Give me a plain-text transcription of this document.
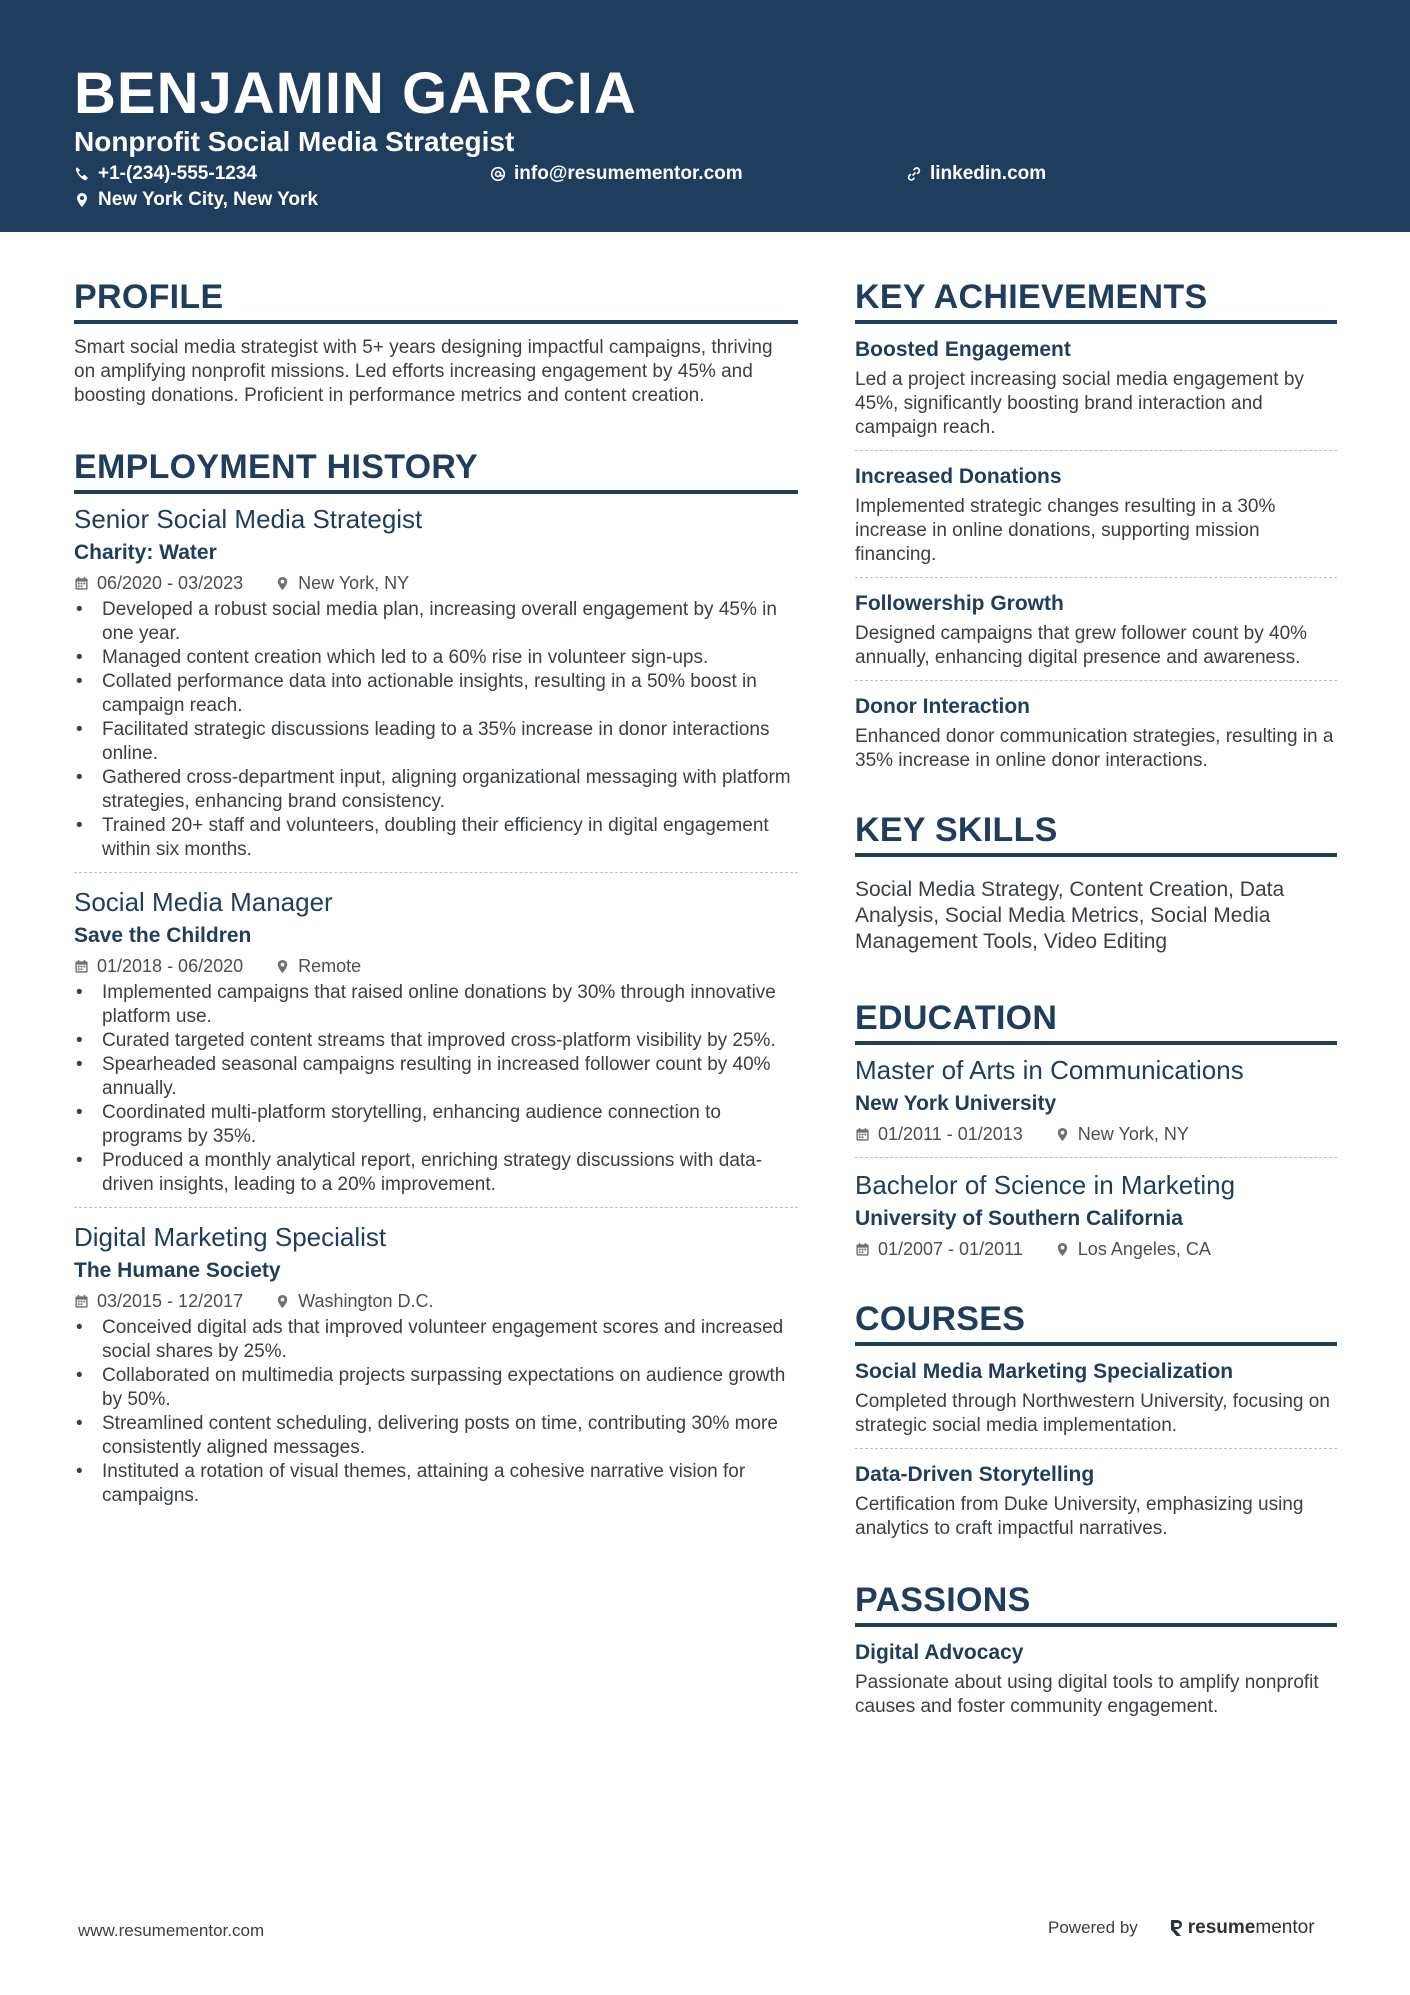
BENJAMIN GARCIA
Nonprofit Social Media Strategist
+1-(234)-555-1234	info@resumementor.com	linkedin.com
New York City, New York
PROFILE

Smart social media strategist with 5+ years designing impactful campaigns, thriving on amplifying nonprofit missions. Led efforts increasing engagement by 45% and boosting donations. Proficient in performance metrics and content creation.

EMPLOYMENT HISTORY
Senior Social Media Strategist
Charity: Water
06/2020 - 03/2023	New York, NY
• Developed a robust social media plan, increasing overall engagement by 45% in one year.
• Managed content creation which led to a 60% rise in volunteer sign-ups.
• Collated performance data into actionable insights, resulting in a 50% boost in campaign reach.
• Facilitated strategic discussions leading to a 35% increase in donor interactions online.
• Gathered cross-department input, aligning organizational messaging with platform strategies, enhancing brand consistency.
• Trained 20+ staff and volunteers, doubling their efficiency in digital engagement within six months.
Social Media Manager
Save the Children
01/2018 - 06/2020	Remote
• Implemented campaigns that raised online donations by 30% through innovative platform use.
• Curated targeted content streams that improved cross-platform visibility by 25%.
• Spearheaded seasonal campaigns resulting in increased follower count by 40% annually.
• Coordinated multi-platform storytelling, enhancing audience connection to programs by 35%.
• Produced a monthly analytical report, enriching strategy discussions with data-driven insights, leading to a 20% improvement.
Digital Marketing Specialist
The Humane Society
03/2015 - 12/2017	Washington D.C.
• Conceived digital ads that improved volunteer engagement scores and increased social shares by 25%.
• Collaborated on multimedia projects surpassing expectations on audience growth by 50%.
• Streamlined content scheduling, delivering posts on time, contributing 30% more consistently aligned messages.
• Instituted a rotation of visual themes, attaining a cohesive narrative vision for campaigns.
KEY ACHIEVEMENTS
Boosted Engagement

Led a project increasing social media engagement by 45%, significantly boosting brand interaction and campaign reach.

Increased Donations

Implemented strategic changes resulting in a 30% increase in online donations, supporting mission financing.

Followership Growth

Designed campaigns that grew follower count by 40% annually, enhancing digital presence and awareness.

Donor Interaction

Enhanced donor communication strategies, resulting in a 35% increase in online donor interactions.

KEY SKILLS

Social Media Strategy, Content Creation, Data Analysis, Social Media Metrics, Social Media Management Tools, Video Editing

EDUCATION
Master of Arts in Communications
New York University
01/2011 - 01/2013	New York, NY
Bachelor of Science in Marketing
University of Southern California
01/2007 - 01/2011	Los Angeles, CA
COURSES
Social Media Marketing Specialization

Completed through Northwestern University, focusing on strategic social media implementation.

Data-Driven Storytelling

Certification from Duke University, emphasizing using analytics to craft impactful narratives.

PASSIONS
Digital Advocacy

Passionate about using digital tools to amplify nonprofit causes and foster community engagement.

www.resumementor.com	Powered by	resume mentor
